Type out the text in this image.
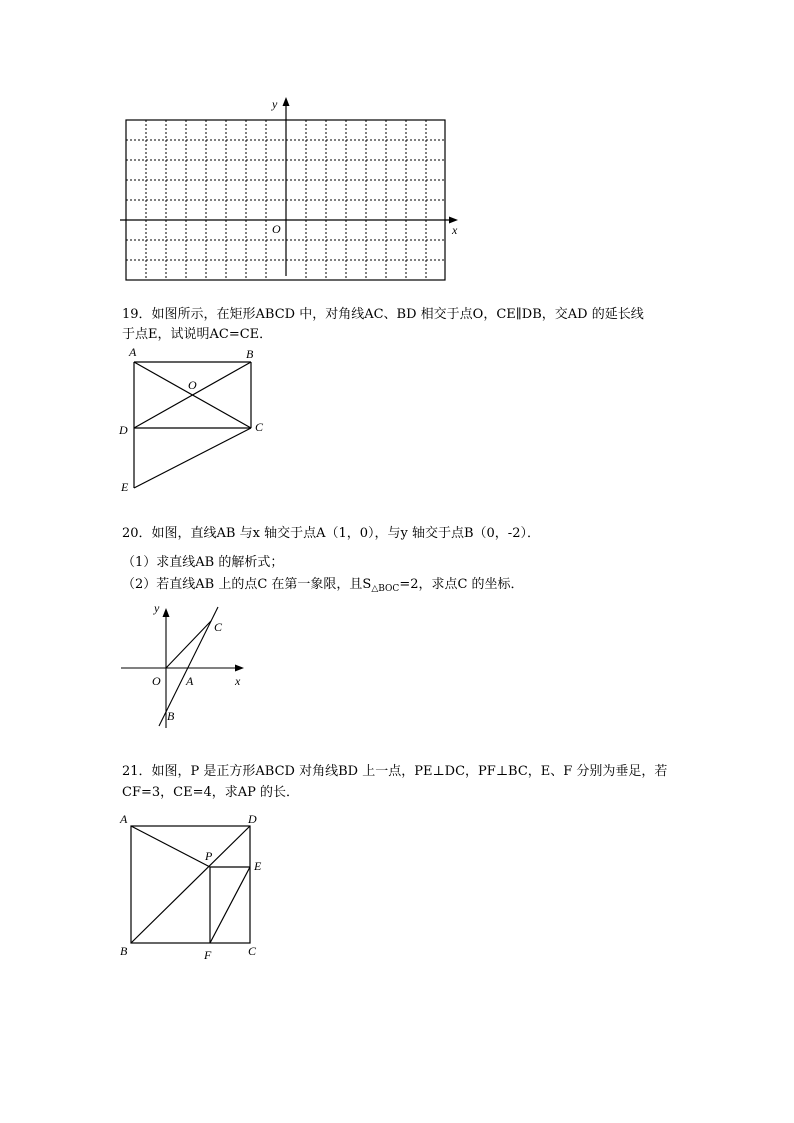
y
x
O
19．如图所示，在矩形ABCD 中，对角线AC、BD 相交于点O，CE∥DB，交AD 的延长线
于点E，试说明AC=CE．
A	B
O
D	C
E
20．如图，直线AB 与x 轴交于点A（1，0），与y 轴交于点B（0，-2）．
（1）求直线AB 的解析式；
（2）若直线AB 上的点C 在第一象限，且$S_{\triangle BOC}=2$，求点C 的坐标．
y
x
O A
B
C
21．如图，P 是正方形ABCD 对角线BD 上一点，PE⊥DC，PF⊥BC，E、F 分别为垂足，若
CF=3，CE=4，求AP 的长．
A	D
P
E
B	F	C
